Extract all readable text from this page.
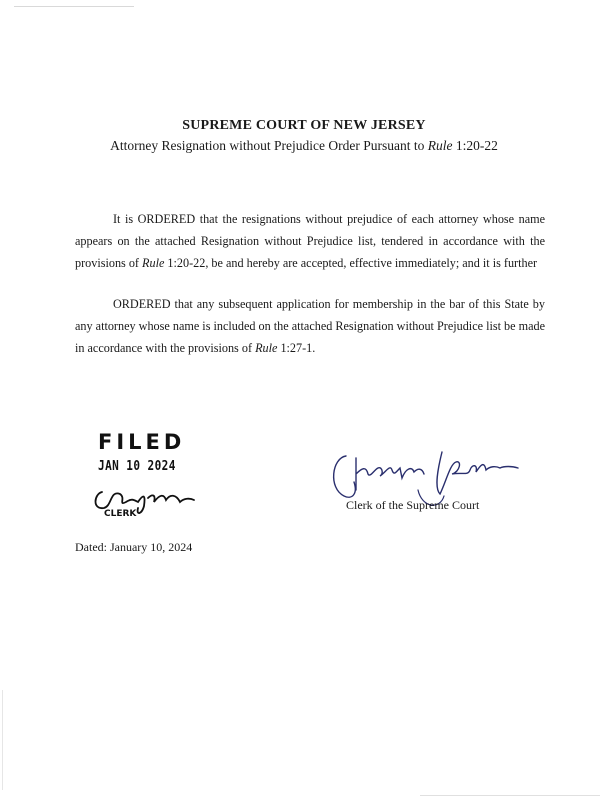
SUPREME COURT OF NEW JERSEY
Attorney Resignation without Prejudice Order Pursuant to Rule 1:20-22
It is ORDERED that the resignations without prejudice of each attorney whose name appears on the attached Resignation without Prejudice list, tendered in accordance with the provisions of Rule 1:20-22, be and hereby are accepted, effective immediately; and it is further
ORDERED that any subsequent application for membership in the bar of this State by any attorney whose name is included on the attached Resignation without Prejudice list be made in accordance with the provisions of Rule 1:27-1.
FILED
JAN 10 2024
CLERK
Clerk of the Supreme Court
Dated: January 10, 2024
